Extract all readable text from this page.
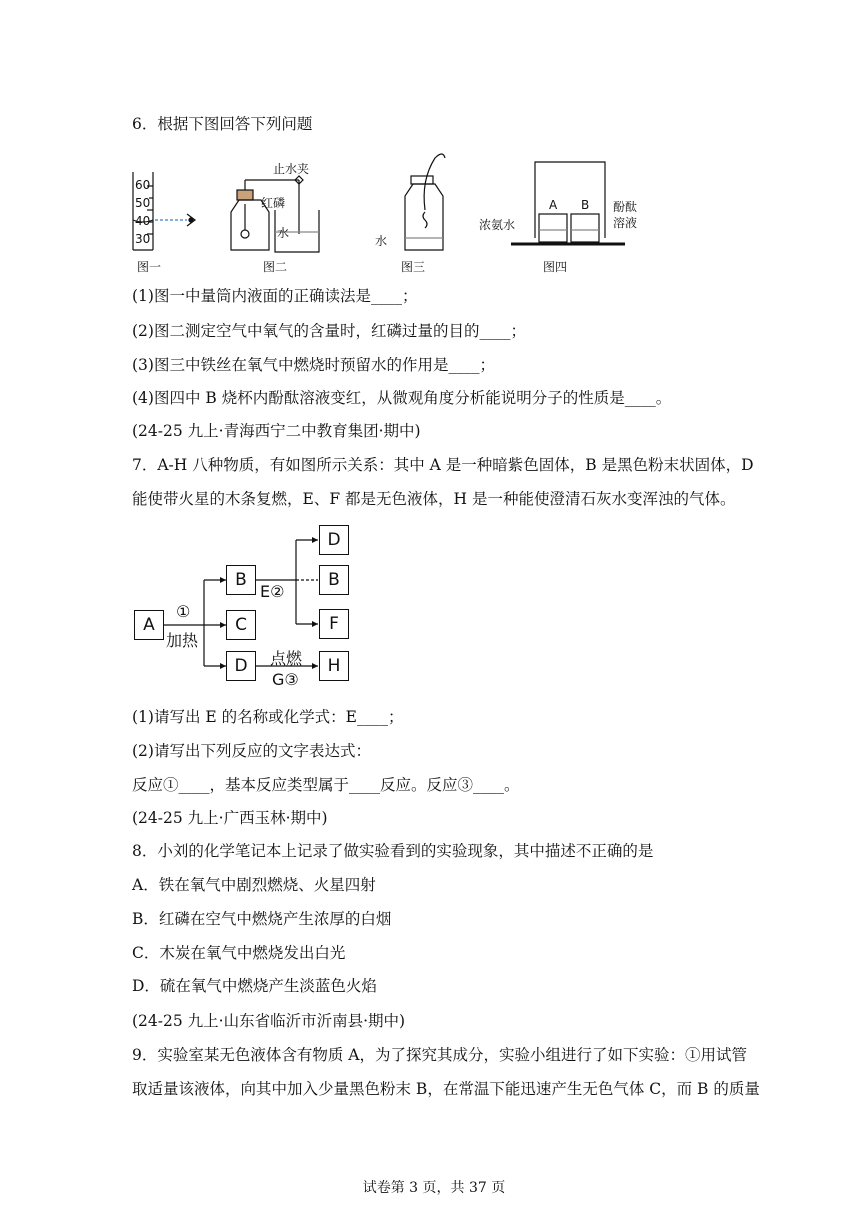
6．根据下图回答下列问题
60
50
40
30
图一
止水夹
红磷
水
图二
水
图三
A B
浓氨水
酚酞
溶液
图四
(1)图一中量筒内液面的正确读法是____；
(2)图二测定空气中氧气的含量时，红磷过量的目的____；
(3)图三中铁丝在氧气中燃烧时预留水的作用是____；
(4)图四中 B 烧杯内酚酞溶液变红，从微观角度分析能说明分子的性质是____。
(24-25 九上·青海西宁二中教育集团·期中)
7．A-H 八种物质，有如图所示关系：其中 A 是一种暗紫色固体，B 是黑色粉末状固体，D
能使带火星的木条复燃，E、F 都是无色液体，H 是一种能使澄清石灰水变浑浊的气体。
A
B
C
D
D
B
F
H
①
加热
E②
点燃
G③
(1)请写出 E 的名称或化学式：E____；
(2)请写出下列反应的文字表达式：
反应①____，基本反应类型属于____反应。反应③____。
(24-25 九上·广西玉林·期中)
8．小刘的化学笔记本上记录了做实验看到的实验现象，其中描述不正确的是
A．铁在氧气中剧烈燃烧、火星四射
B．红磷在空气中燃烧产生浓厚的白烟
C．木炭在氧气中燃烧发出白光
D．硫在氧气中燃烧产生淡蓝色火焰
(24-25 九上·山东省临沂市沂南县·期中)
9．实验室某无色液体含有物质 A，为了探究其成分，实验小组进行了如下实验：①用试管
取适量该液体，向其中加入少量黑色粉末 B，在常温下能迅速产生无色气体 C，而 B 的质量
试卷第 3 页，共 37 页
